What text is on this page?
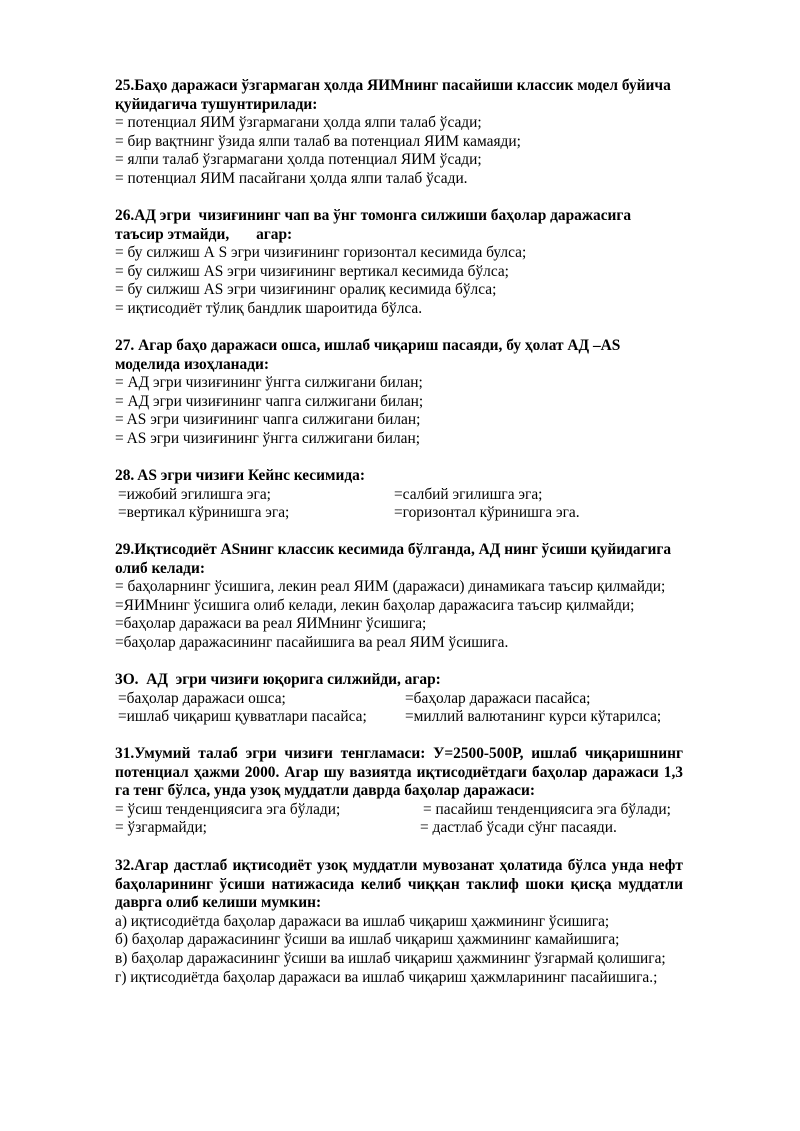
25.Баҳо даражаси ўзгармаган ҳолда ЯИМнинг пасайиши классик модел буйича қуйидагича тушунтирилади:
= потенциал ЯИМ ўзгармагани ҳолда ялпи талаб ўсади;
= бир вақтнинг ўзида ялпи талаб ва потенциал ЯИМ камаяди;
= ялпи талаб ўзгармагани ҳолда потенциал ЯИМ ўсади;
= потенциал ЯИМ пасайгани ҳолда ялпи талаб ўсади.
26.АД эгри  чизиғининг чап ва ўнг томонга силжиши баҳолар даражасига таъсир этмайди,       агар:
= бу силжиш А S эгри чизиғининг горизонтал кесимида булса;
= бу силжиш AS эгри чизиғининг вертикал кесимида бўлса;
= бу силжиш AS эгри чизиғининг оралиқ кесимида бўлса;
= иқтисодиёт тўлиқ бандлик шароитида бўлса.
27. Агар баҳо даражаси ошса, ишлаб чиқариш пасаяди, бу ҳолат АД –АS моделида изоҳланади:
= АД эгри чизиғининг ўнгга силжигани билан;
= АД эгри чизиғининг чапга силжигани билан;
= AS эгри чизиғининг чапга силжигани билан;
= AS эгри чизиғининг ўнгга силжигани билан;
28. AS эгри чизиғи Кейнс кесимида:
=ижобий эгилишга эга;	=салбий эгилишга эга;
=вертикал кўринишга эга;	=горизонтал кўринишга эга.
29.Иқтисодиёт АSнинг классик кесимида бўлганда, АД нинг ўсиши қуйидагига олиб келади:
= баҳоларнинг ўсишига, лекин реал ЯИМ (даражаси) динамикага таъсир қилмайди;
=ЯИМнинг ўсишига олиб келади, лекин баҳолар даражасига таъсир қилмайди;
=баҳолар даражаси ва реал ЯИМнинг ўсишига;
=баҳолар даражасининг пасайишига ва реал ЯИМ ўсишига.
3О.  АД  эгри чизиғи юқорига силжийди, агар:
=баҳолар даражаси ошса;	=баҳолар даражаси пасайса;
=ишлаб чиқариш қувватлари пасайса;	=миллий валютанинг курси кўтарилса;
31.Умумий талаб эгри чизиғи тенгламаси: У=2500-500Р, ишлаб чиқаришнинг потенциал ҳажми 2000. Агар шу вазиятда иқтисодиётдаги баҳолар даражаси 1,3 га тенг бўлса, унда узоқ муддатли даврда баҳолар даражаси:
= ўсиш тенденциясига эга бўлади;	= пасайиш тенденциясига эга бўлади;
= ўзгармайди;	= дастлаб ўсади сўнг пасаяди.
32.Агар дастлаб иқтисодиёт узоқ муддатли мувозанат ҳолатида бўлса унда нефт баҳоларининг ўсиши натижасида келиб чиққан таклиф шоки қисқа муддатли даврга олиб келиши мумкин:
а) иқтисодиётда баҳолар даражаси ва ишлаб чиқариш ҳажмининг ўсишига;
б) баҳолар даражасининг ўсиши ва ишлаб чиқариш ҳажмининг камайишига;
в) баҳолар даражасининг ўсиши ва ишлаб чиқариш ҳажмининг ўзгармай қолишига;
г) иқтисодиётда баҳолар даражаси ва ишлаб чиқариш ҳажмларининг пасайишига.;
